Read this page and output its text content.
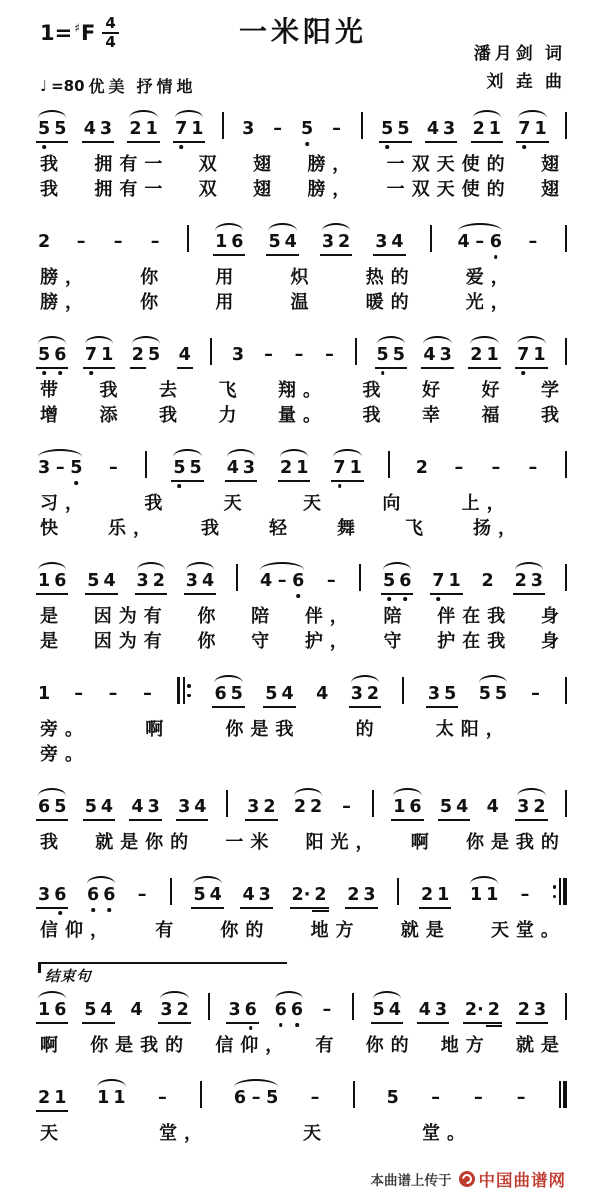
一米阳光
1=♯ F $\frac{4}{4}$
♩ =80 优美 抒情地
潘月剑 词
刘 垚 曲
5 5 4 3 2 1 7 1 3 – 5 – 5 5 4 3 2 1 7 1
我 拥有一 双 翅 膀， 一双天使的 翅
我 拥有一 双 翅 膀， 一双天使的 翅
2 – – –	1 6 5 4 3 2 3 4	4 – 6 –
膀，	你	用	炽	热的	爱，
膀，	你	用	温	暖的	光，
5 6 7 1 2 5 4 3 – – – 5 5 4 3 2 1 7 1
带 我 去 飞 翔。 我 好 好 学
增 添 我 力 量。 我 幸 福 我
3 – 5 –	5 5 4 3 2 1 7 1	2 – – –
习，	我	天	天	向	上，
快 乐， 我 轻 舞 飞 扬，
1 6 5 4 3 2 3 4	4 – 6 –	5 6 7 1 2 2 3
是 因为有 你 陪 伴， 陪 伴在我 身
是 因为有 你 守 护， 守 护在我 身
1 – – –	6 5 5 4 4 3 2	3 5 5 5 –
旁。	啊	你是我	的	太阳，
旁。
6 5 5 4 4 3 3 4 3 2 2 2 – 1 6 5 4 4 3 2
我 就是你的 一米 阳光， 啊 你是我的
3 6 6 6 –	5 4 4 3 2· 2 2 3	2 1 1 1 –
信仰， 有 你的 地方 就是 天堂。
结束句
1 6 5 4 4 3 2 3 6 6 6 – 5 4 4 3 2· 2 2 3
啊 你是我的 信仰， 有 你的 地方 就是
2 1 1 1 –	6 – 5 –	5 – – –
天	堂，	天	堂。
本曲谱上传于 中国曲谱网
